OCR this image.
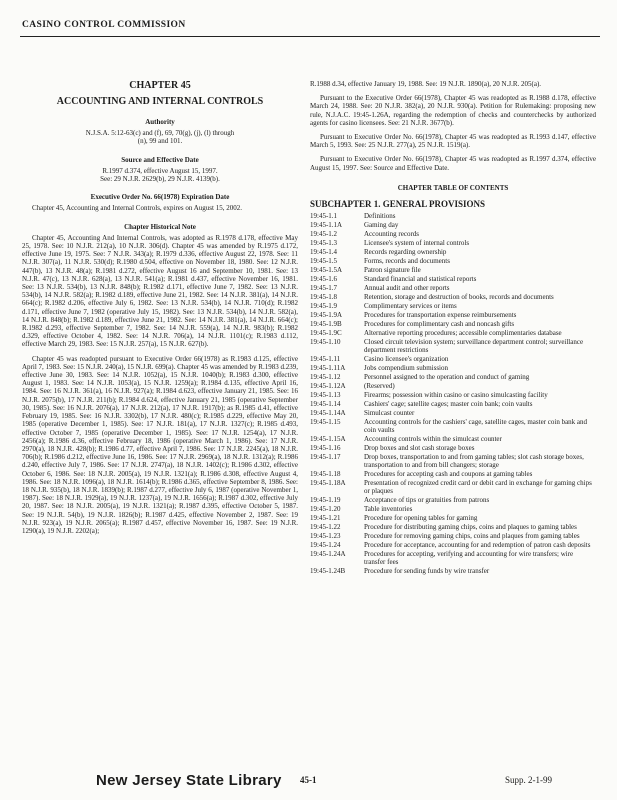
CASINO CONTROL COMMISSION
CHAPTER 45
ACCOUNTING AND INTERNAL CONTROLS
Authority
N.J.S.A. 5:12-63(c) and (f), 69, 70(g), (j), (l) through (n), 99 and 101.
Source and Effective Date
R.1997 d.374, effective August 15, 1997.
See: 29 N.J.R. 2629(b), 29 N.J.R. 4139(b).
Executive Order No. 66(1978) Expiration Date

Chapter 45, Accounting and Internal Controls, expires on August 15, 2002.

Chapter Historical Note

Chapter 45, Accounting And Internal Controls, was adopted as R.1978 d.178, effective May 25, 1978. See: 10 N.J.R. 212(a), 10 N.J.R. 306(d). Chapter 45 was amended by R.1975 d.172, effective June 19, 1975. See: 7 N.J.R. 343(a); R.1979 d.336, effective August 22, 1978. See: 11 N.J.R. 307(a), 11 N.J.R. 530(d); R.1980 d.504, effective on November 18, 1980. See: 12 N.J.R. 447(b), 13 N.J.R. 48(a); R.1981 d.272, effective August 16 and September 10, 1981. See: 13 N.J.R. 47(c), 13 N.J.R. 628(a), 13 N.J.R. 541(a); R.1981 d.437, effective November 16, 1981. See: 13 N.J.R. 534(b), 13 N.J.R. 848(b); R.1982 d.171, effective June 7, 1982. See: 13 N.J.R. 534(b), 14 N.J.R. 582(a); R.1982 d.189, effective June 21, 1982. See: 14 N.J.R. 381(a), 14 N.J.R. 664(c); R.1982 d.206, effective July 6, 1982. See: 13 N.J.R. 534(b), 14 N.J.R. 710(d); R.1982 d.171, effective June 7, 1982 (operative July 15, 1982). See: 13 N.J.R. 534(b), 14 N.J.R. 582(a), 14 N.J.R. 848(b); R.1982 d.189, effective June 21, 1982. See: 14 N.J.R. 381(a), 14 N.J.R. 664(c); R.1982 d.293, effective September 7, 1982. See: 14 N.J.R. 559(a), 14 N.J.R. 983(b); R.1982 d.329, effective October 4, 1982. See: 14 N.J.R. 706(a), 14 N.J.R. 1101(c); R.1983 d.112, effective March 29, 1983. See: 15 N.J.R. 257(a), 15 N.J.R. 627(b).

Chapter 45 was readopted pursuant to Executive Order 66(1978) as R.1983 d.125, effective April 7, 1983. See: 15 N.J.R. 240(a), 15 N.J.R. 699(a). Chapter 45 was amended by R.1983 d.239, effective June 30, 1983. See: 14 N.J.R. 1052(a), 15 N.J.R. 1040(b); R.1983 d.300, effective August 1, 1983. See: 14 N.J.R. 1053(a), 15 N.J.R. 1259(a); R.1984 d.135, effective April 16, 1984. See: 16 N.J.R. 361(a), 16 N.J.R. 927(a); R.1984 d.623, effective January 21, 1985. See: 16 N.J.R. 2075(b), 17 N.J.R. 211(b); R.1984 d.624, effective January 21, 1985 (operative September 30, 1985). See: 16 N.J.R. 2076(a), 17 N.J.R. 212(a), 17 N.J.R. 1917(b); as R.1985 d.41, effective February 19, 1985. See: 16 N.J.R. 3302(b), 17 N.J.R. 480(c); R.1985 d.229, effective May 20, 1985 (operative December 1, 1985). See: 17 N.J.R. 181(a), 17 N.J.R. 1327(c); R.1985 d.493, effective October 7, 1985 (operative December 1, 1985). See: 17 N.J.R. 1254(a), 17 N.J.R. 2456(a); R.1986 d.36, effective February 18, 1986 (operative March 1, 1986). See: 17 N.J.R. 2970(a), 18 N.J.R. 428(b); R.1986 d.77, effective April 7, 1986. See: 17 N.J.R. 2245(a), 18 N.J.R. 706(b); R.1986 d.212, effective June 16, 1986. See: 17 N.J.R. 2969(a), 18 N.J.R. 1312(a); R.1986 d.240, effective July 7, 1986. See: 17 N.J.R. 2747(a), 18 N.J.R. 1402(c); R.1986 d.302, effective October 6, 1986. See: 18 N.J.R. 2005(a), 19 N.J.R. 1321(a); R.1986 d.308, effective August 4, 1986. See: 18 N.J.R. 1096(a), 18 N.J.R. 1614(b); R.1986 d.365, effective September 8, 1986. See: 18 N.J.R. 935(b), 18 N.J.R. 1839(b); R.1987 d.277, effective July 6, 1987 (operative November 1, 1987). See: 18 N.J.R. 1929(a), 19 N.J.R. 1237(a), 19 N.J.R. 1656(a); R.1987 d.302, effective July 20, 1987. See: 18 N.J.R. 2005(a), 19 N.J.R. 1321(a); R.1987 d.395, effective October 5, 1987. See: 19 N.J.R. 54(b), 19 N.J.R. 1826(b); R.1987 d.425, effective November 2, 1987. See: 19 N.J.R. 923(a), 19 N.J.R. 2065(a); R.1987 d.457, effective November 16, 1987. See: 19 N.J.R. 1290(a), 19 N.J.R. 2202(a);

R.1988 d.34, effective January 19, 1988. See: 19 N.J.R. 1890(a), 20 N.J.R. 205(a).

Pursuant to the Executive Order 66(1978), Chapter 45 was readopted as R.1988 d.178, effective March 24, 1988. See: 20 N.J.R. 382(a), 20 N.J.R. 930(a). Petition for Rulemaking: proposing new rule, N.J.A.C. 19:45-1.26A, regarding the redemption of checks and counterchecks by authorized agents for casino licensees. See: 21 N.J.R. 3677(b).

Pursuant to Executive Order No. 66(1978), Chapter 45 was readopted as R.1993 d.147, effective March 5, 1993. See: 25 N.J.R. 277(a), 25 N.J.R. 1519(a).

Pursuant to Executive Order No. 66(1978), Chapter 45 was readopted as R.1997 d.374, effective August 15, 1997. See: Source and Effective Date.

CHAPTER TABLE OF CONTENTS
SUBCHAPTER 1. GENERAL PROVISIONS
19:45-1.1	Definitions
19:45-1.1A	Gaming day
19:45-1.2	Accounting records
19:45-1.3	Licensee's system of internal controls
19:45-1.4	Records regarding ownership
19:45-1.5	Forms, records and documents
19:45-1.5A	Patron signature file
19:45-1.6	Standard financial and statistical reports
19:45-1.7	Annual audit and other reports
19:45-1.8	Retention, storage and destruction of books, records and documents
19:45-1.9	Complimentary services or items
19:45-1.9A	Procedures for transportation expense reimbursements
19:45-1.9B	Procedures for complimentary cash and noncash gifts
19:45-1.9C	Alternative reporting procedures; accessible complimentaries database
19:45-1.10	Closed circuit television system; surveillance department control; surveillance department restrictions
19:45-1.11	Casino licensee's organization
19:45-1.11A	Jobs compendium submission
19:45-1.12	Personnel assigned to the operation and conduct of gaming
19:45-1.12A	(Reserved)
19:45-1.13	Firearms; possession within casino or casino simulcasting facility
19:45-1.14	Cashiers' cage; satellite cages; master coin bank; coin vaults
19:45-1.14A	Simulcast counter
19:45-1.15	Accounting controls for the cashiers' cage, satellite cages, master coin bank and coin vaults
19:45-1.15A	Accounting controls within the simulcast counter
19:45-1.16	Drop boxes and slot cash storage boxes
19:45-1.17	Drop boxes, transportation to and from gaming tables; slot cash storage boxes, transportation to and from bill changers; storage
19:45-1.18	Procedures for accepting cash and coupons at gaming tables
19:45-1.18A	Presentation of recognized credit card or debit card in exchange for gaming chips or plaques
19:45-1.19	Acceptance of tips or gratuities from patrons
19:45-1.20	Table inventories
19:45-1.21	Procedure for opening tables for gaming
19:45-1.22	Procedure for distributing gaming chips, coins and plaques to gaming tables
19:45-1.23	Procedure for removing gaming chips, coins and plaques from gaming tables
19:45-1.24	Procedure for acceptance, accounting for and redemption of patron cash deposits
19:45-1.24A	Procedures for accepting, verifying and accounting for wire transfers; wire transfer fees
19:45-1.24B	Procedure for sending funds by wire transfer
New Jersey State Library 45-1	Supp. 2-1-99
